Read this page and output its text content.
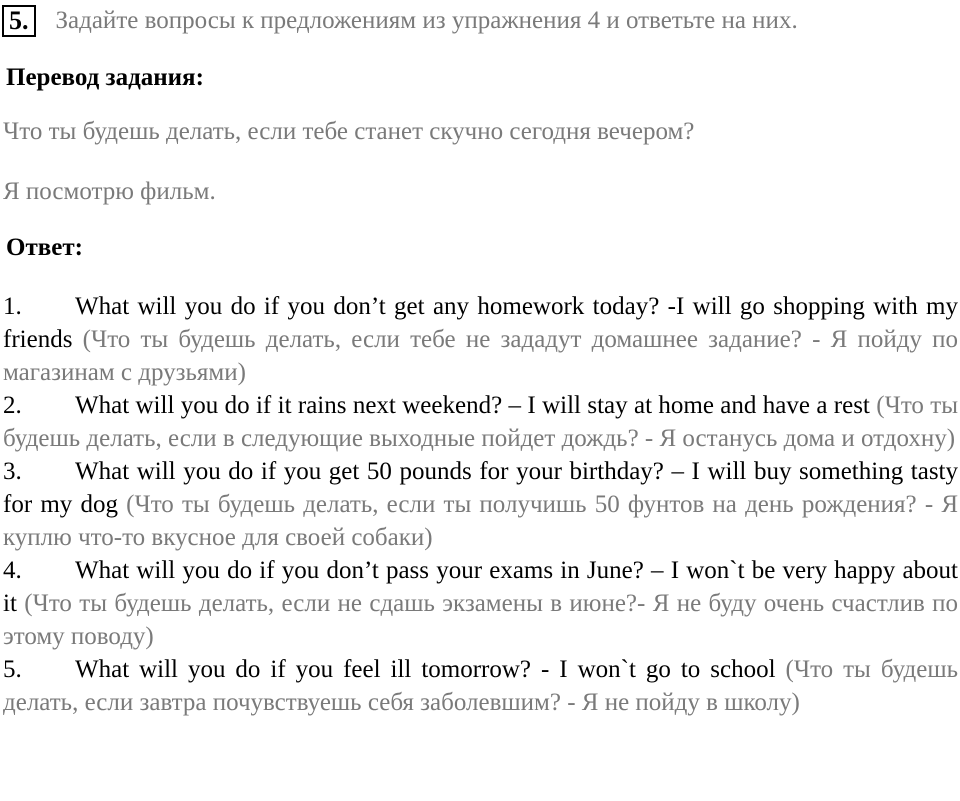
5. Задайте вопросы к предложениям из упражнения 4 и ответьте на них.
Перевод задания:
Что ты будешь делать, если тебе станет скучно сегодня вечером?
Я посмотрю фильм.
Ответ:

1. What will you do if you don’t get any homework today? -I will go shopping with my friends (Что ты будешь делать, если тебе не зададут домашнее задание? - Я пойду по магазинам с друзьями)

2. What will you do if it rains next weekend? – I will stay at home and have a rest (Что ты будешь делать, если в следующие выходные пойдет дождь? - Я останусь дома и отдохну)

3. What will you do if you get 50 pounds for your birthday? – I will buy something tasty for my dog (Что ты будешь делать, если ты получишь 50 фунтов на день рождения? - Я куплю что-то вкусное для своей собаки)

4. What will you do if you don’t pass your exams in June? – I won`t be very happy about it (Что ты будешь делать, если не сдашь экзамены в июне?- Я не буду очень счастлив по этому поводу)

5. What will you do if you feel ill tomorrow? - I won`t go to school (Что ты будешь делать, если завтра почувствуешь себя заболевшим? - Я не пойду в школу)
